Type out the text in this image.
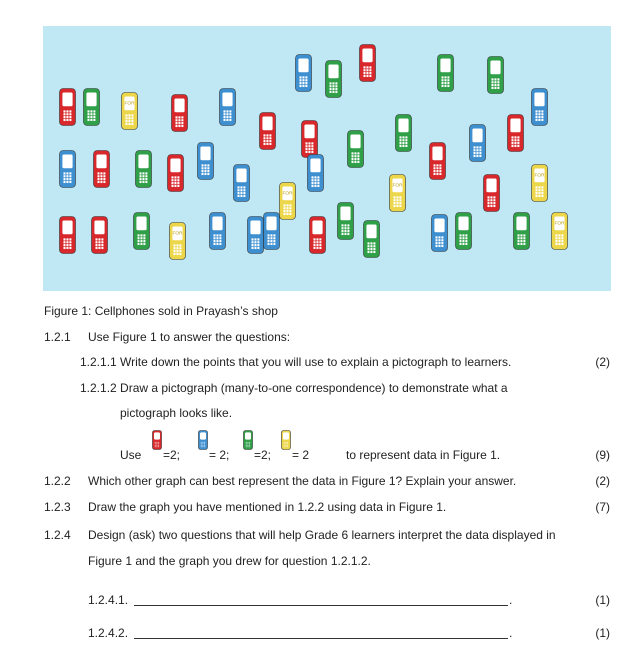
FOR
FOR
FOR
FOR
FOR
FOR
Figure 1: Cellphones sold in Prayash’s shop
1.2.1 Use Figure 1 to answer the questions:
1.2.1.1 Write down the points that you will use to explain a pictograph to learners.	(2)
1.2.1.2 Draw a pictograph (many-to-one correspondence) to demonstrate what a
pictograph looks like.
Use =2; = 2; =2; = 2	to represent data in Figure 1.	(9)
1.2.2 Which other graph can best represent the data in Figure 1? Explain your answer.	(2)
1.2.3 Draw the graph you have mentioned in 1.2.2 using data in Figure 1.	(7)
1.2.4 Design (ask) two questions that will help Grade 6 learners interpret the data displayed in
Figure 1 and the graph you drew for question 1.2.1.2.
1.2.4.1.	.	(1)
1.2.4.2.	.	(1)
